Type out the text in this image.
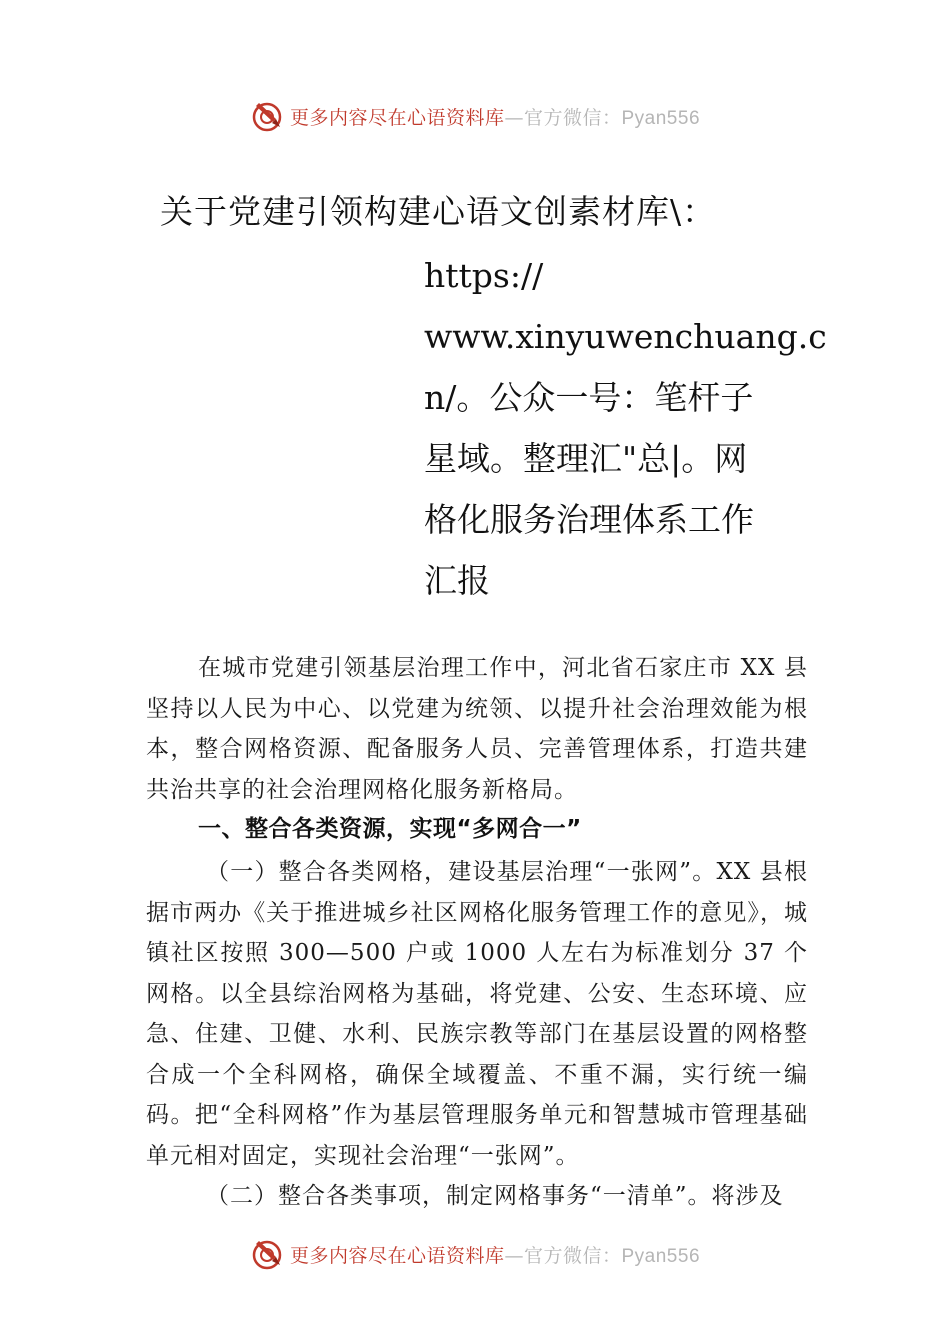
更多内容尽在心语资料库—官方微信：Pyan556
关于党建引领构建心语文创素材库\：
https://
www.xinyuwenchuang.c
n/。公众一号：笔杆子
星域。整理汇"总|。网
格化服务治理体系工作
汇报

在城市党建引领基层治理工作中，河北省石家庄市 XX 县坚持以人民为中心、以党建为统领、以提升社会治理效能为根本，整合网格资源、配备服务人员、完善管理体系，打造共建共治共享的社会治理网格化服务新格局。

一、整合各类资源，实现“多网合一”

（一）整合各类网格，建设基层治理“一张网”。XX 县根据市两办《关于推进城乡社区网格化服务管理工作的意见》，城镇社区按照 300—500 户或 1000 人左右为标准划分 37 个网格。以全县综治网格为基础，将党建、公安、生态环境、应急、住建、卫健、水利、民族宗教等部门在基层设置的网格整合成一个全科网格，确保全域覆盖、不重不漏，实行统一编码。把“全科网格”作为基层管理服务单元和智慧城市管理基础单元相对固定，实现社会治理“一张网”。

（二）整合各类事项，制定网格事务“一清单”。将涉及

更多内容尽在心语资料库—官方微信：Pyan556
